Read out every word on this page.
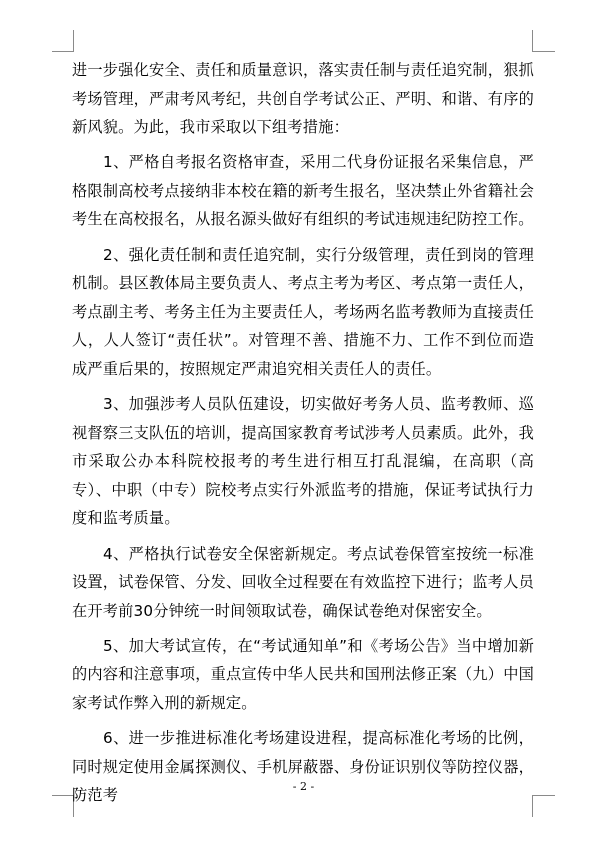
进一步强化安全、责任和质量意识，落实责任制与责任追究制，狠抓考场管理，严肃考风考纪，共创自学考试公正、严明、和谐、有序的新风貌。为此，我市采取以下组考措施：

1、严格自考报名资格审查，采用二代身份证报名采集信息，严格限制高校考点接纳非本校在籍的新考生报名，坚决禁止外省籍社会考生在高校报名，从报名源头做好有组织的考试违规违纪防控工作。

2、强化责任制和责任追究制，实行分级管理，责任到岗的管理机制。县区教体局主要负责人、考点主考为考区、考点第一责任人，考点副主考、考务主任为主要责任人，考场两名监考教师为直接责任人，人人签订“责任状”。对管理不善、措施不力、工作不到位而造成严重后果的，按照规定严肃追究相关责任人的责任。

3、加强涉考人员队伍建设，切实做好考务人员、监考教师、巡视督察三支队伍的培训，提高国家教育考试涉考人员素质。此外，我市采取公办本科院校报考的考生进行相互打乱混编，在高职（高专）、中职（中专）院校考点实行外派监考的措施，保证考试执行力度和监考质量。

4、严格执行试卷安全保密新规定。考点试卷保管室按统一标准设置，试卷保管、分发、回收全过程要在有效监控下进行；监考人员在开考前30分钟统一时间领取试卷，确保试卷绝对保密安全。

5、加大考试宣传，在“考试通知单”和《考场公告》当中增加新的内容和注意事项，重点宣传中华人民共和国刑法修正案（九）中国家考试作弊入刑的新规定。

6、进一步推进标准化考场建设进程，提高标准化考场的比例，同时规定使用金属探测仪、手机屏蔽器、身份证识别仪等防控仪器，防范考	- 2 -
